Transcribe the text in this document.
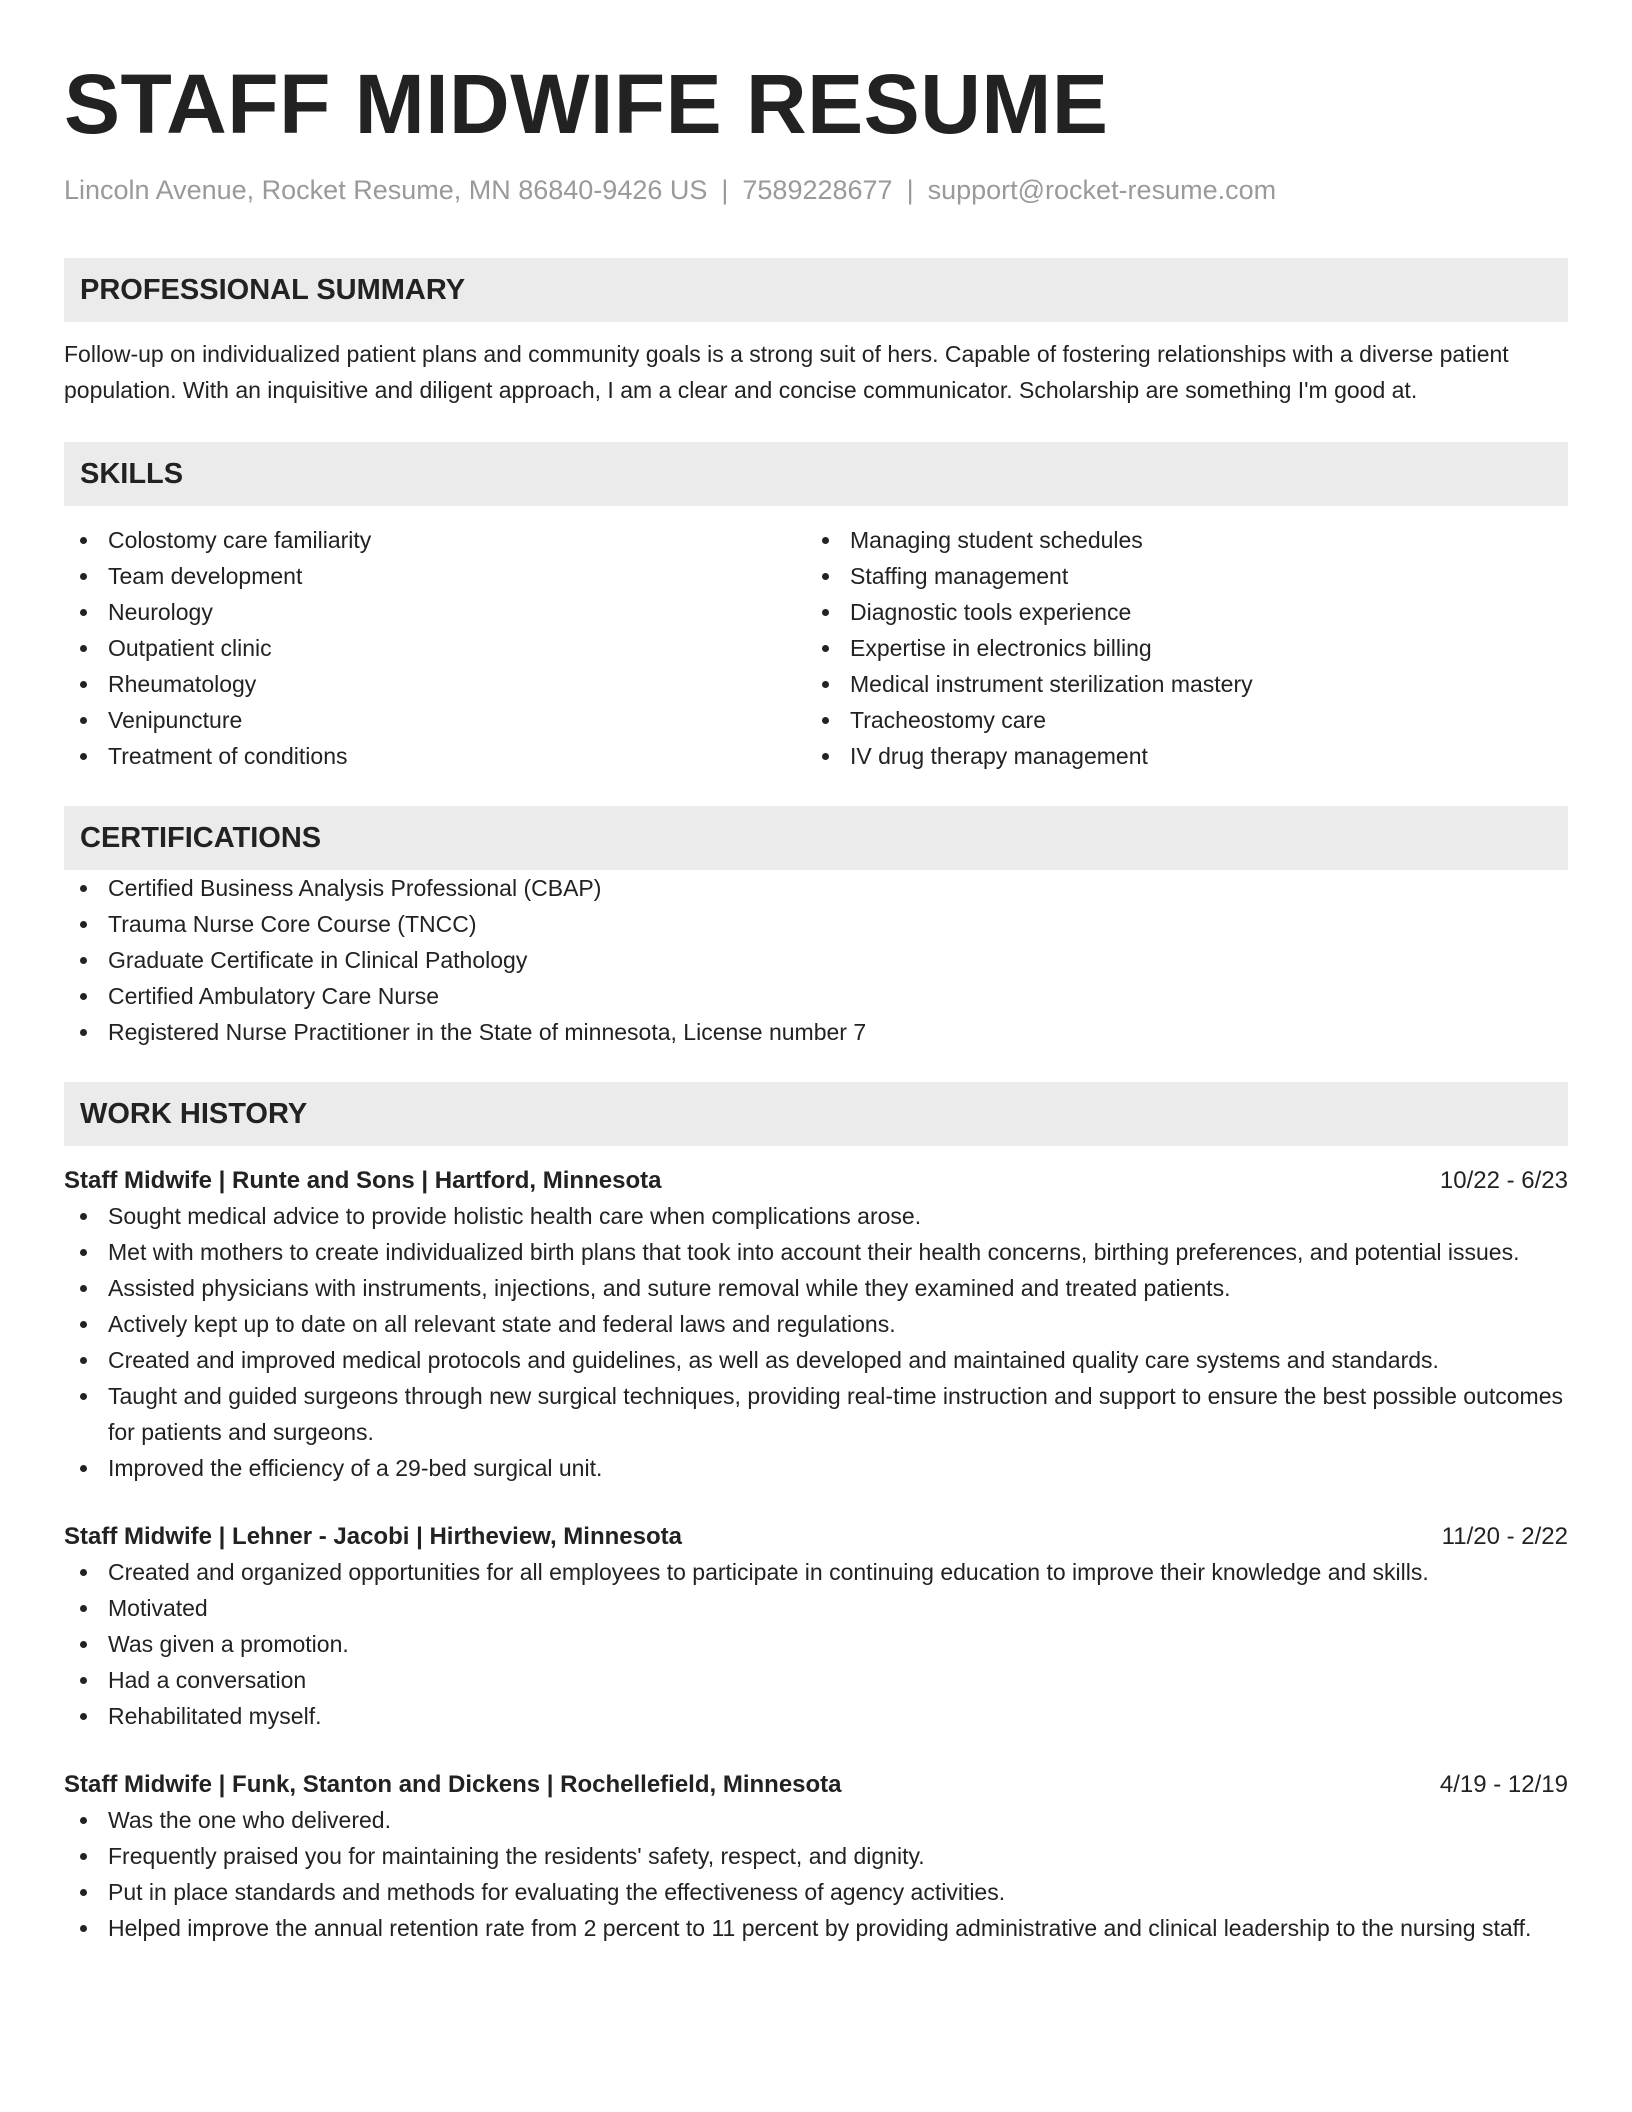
STAFF MIDWIFE RESUME
Lincoln Avenue, Rocket Resume, MN 86840-9426 US | 7589228677 | support@rocket-resume.com
PROFESSIONAL SUMMARY
Follow-up on individualized patient plans and community goals is a strong suit of hers. Capable of fostering relationships with a diverse patient population. With an inquisitive and diligent approach, I am a clear and concise communicator. Scholarship are something I'm good at.
SKILLS
Colostomy care familiarity
Team development
Neurology
Outpatient clinic
Rheumatology
Venipuncture
Treatment of conditions
Managing student schedules
Staffing management
Diagnostic tools experience
Expertise in electronics billing
Medical instrument sterilization mastery
Tracheostomy care
IV drug therapy management
CERTIFICATIONS
Certified Business Analysis Professional (CBAP)
Trauma Nurse Core Course (TNCC)
Graduate Certificate in Clinical Pathology
Certified Ambulatory Care Nurse
Registered Nurse Practitioner in the State of minnesota, License number 7
WORK HISTORY
Staff Midwife | Runte and Sons | Hartford, Minnesota	10/22 - 6/23
Sought medical advice to provide holistic health care when complications arose.
Met with mothers to create individualized birth plans that took into account their health concerns, birthing preferences, and potential issues.
Assisted physicians with instruments, injections, and suture removal while they examined and treated patients.
Actively kept up to date on all relevant state and federal laws and regulations.
Created and improved medical protocols and guidelines, as well as developed and maintained quality care systems and standards.
Taught and guided surgeons through new surgical techniques, providing real-time instruction and support to ensure the best possible outcomes for patients and surgeons.
Improved the efficiency of a 29-bed surgical unit.
Staff Midwife | Lehner - Jacobi | Hirtheview, Minnesota	11/20 - 2/22
Created and organized opportunities for all employees to participate in continuing education to improve their knowledge and skills.
Motivated
Was given a promotion.
Had a conversation
Rehabilitated myself.
Staff Midwife | Funk, Stanton and Dickens | Rochellefield, Minnesota	4/19 - 12/19
Was the one who delivered.
Frequently praised you for maintaining the residents' safety, respect, and dignity.
Put in place standards and methods for evaluating the effectiveness of agency activities.
Helped improve the annual retention rate from 2 percent to 11 percent by providing administrative and clinical leadership to the nursing staff.
